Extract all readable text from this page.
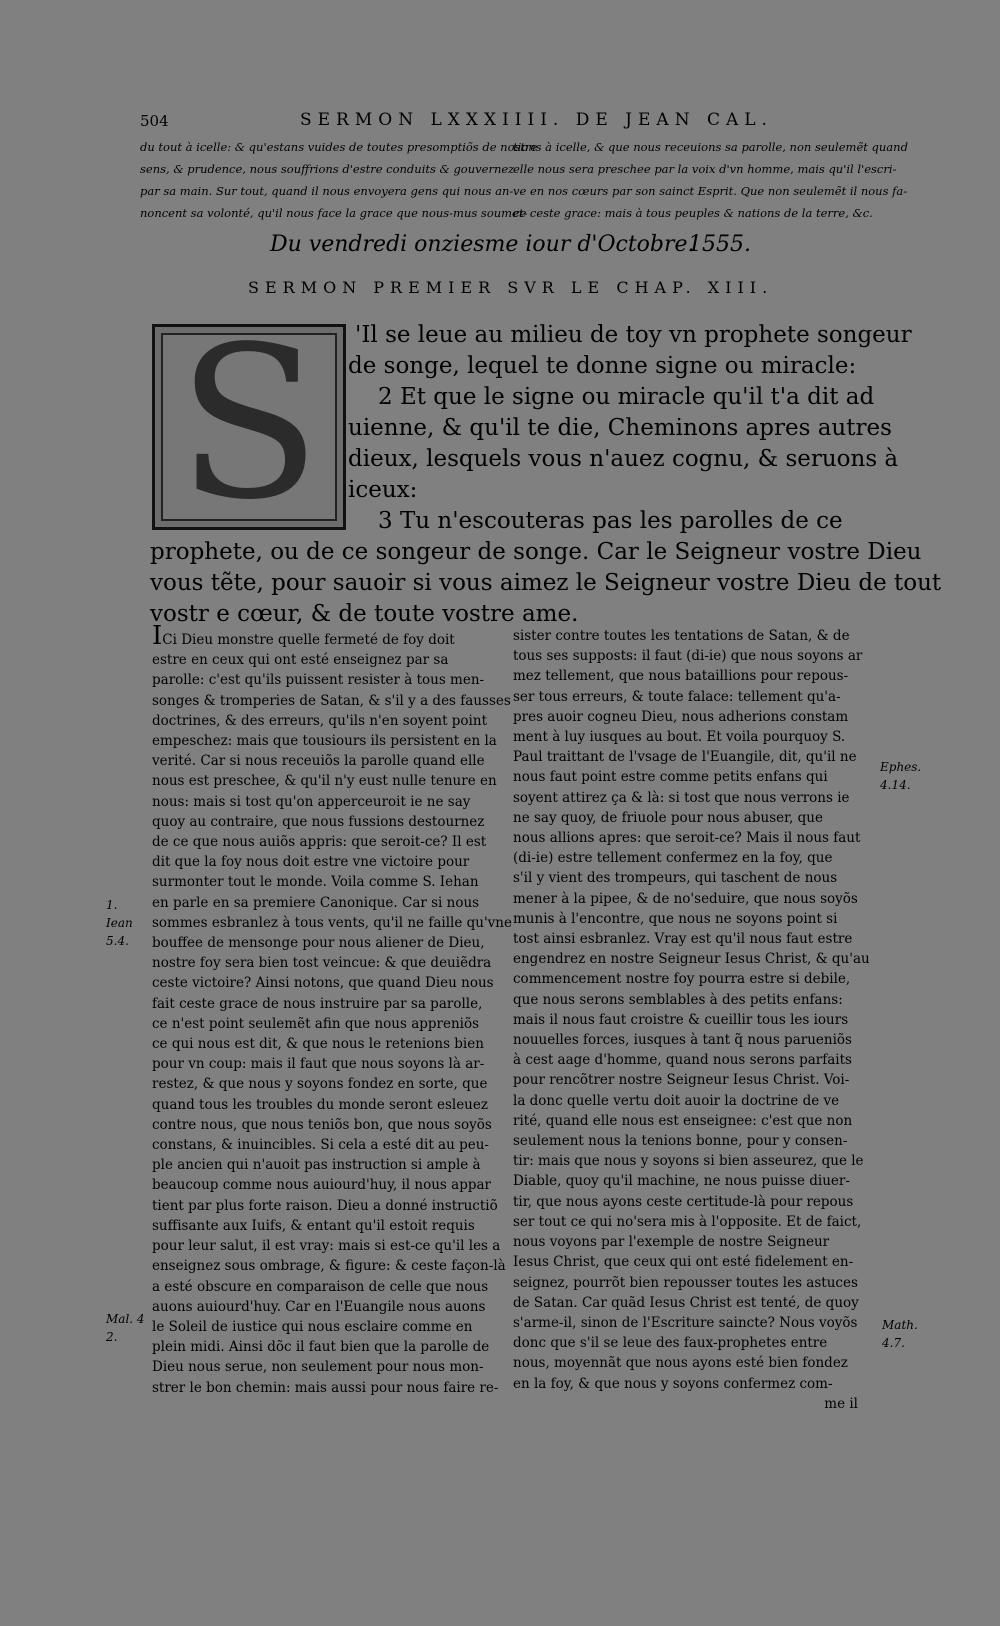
504	SERMON LXXXIIII. DE JEAN CAL.
du tout à icelle: & qu'estans vuides de toutes presomptiõs de nostre
sens, & prudence, nous souffrions d'estre conduits & gouvernez
par sa main. Sur tout, quand il nous envoyera gens qui nous an-
noncent sa volonté, qu'il nous face la grace que nous-mus soumet-
tions à icelle, & que nous receuions sa parolle, non seulemẽt quand
elle nous sera preschee par la voix d'vn homme, mais qu'il l'escri-
ve en nos cœurs par son sainct Esprit. Que non seulemẽt il nous fa-
ce ceste grace: mais à tous peuples & nations de la terre, &c.
Du vendredi onziesme iour d'Octobre.
1555.
SERMON PREMIER SVR LE CHAP. XIII.
S	'Il se leue au milieu de toy vn prophete songeur
de songe, lequel te donne signe ou miracle:
2 Et que le signe ou miracle qu'il t'a dit ad
uienne, & qu'il te die, Cheminons apres autres
dieux, lesquels vous n'auez cognu, & seruons à
iceux:
3 Tu n'escouteras pas les parolles de ce
prophete, ou de ce songeur de songe. Car le Seigneur vostre Dieu
vous tẽte, pour sauoir si vous aimez le Seigneur vostre Dieu de tout
vostr e cœur, & de toute vostre ame.
ICi Dieu monstre quelle fermeté de foy doit
estre en ceux qui ont esté enseignez par sa
parolle: c'est qu'ils puissent resister à tous men-
songes & tromperies de Satan, & s'il y a des fausses
doctrines, & des erreurs, qu'ils n'en soyent point
empeschez: mais que tousiours ils persistent en la
verité. Car si nous receuiõs la parolle quand elle
nous est preschee, & qu'il n'y eust nulle tenure en
nous: mais si tost qu'on apperceuroit ie ne say
quoy au contraire, que nous fussions destournez
de ce que nous auiõs appris: que seroit-ce? Il est
dit que la foy nous doit estre vne victoire pour
surmonter tout le monde. Voila comme S. Iehan
en parle en sa premiere Canonique. Car si nous
sommes esbranlez à tous vents, qu'il ne faille qu'vne
bouffee de mensonge pour nous aliener de Dieu,
nostre foy sera bien tost veincue: & que deuiẽdra
ceste victoire? Ainsi notons, que quand Dieu nous
fait ceste grace de nous instruire par sa parolle,
ce n'est point seulemẽt afin que nous appreniõs
ce qui nous est dit, & que nous le retenions bien
pour vn coup: mais il faut que nous soyons là ar-
restez, & que nous y soyons fondez en sorte, que
quand tous les troubles du monde seront esleuez
contre nous, que nous teniõs bon, que nous soyõs
constans, & inuincibles. Si cela a esté dit au peu-
ple ancien qui n'auoit pas instruction si ample à
beaucoup comme nous auiourd'huy, il nous appar
tient par plus forte raison. Dieu a donné instructiõ
suffisante aux Iuifs, & entant qu'il estoit requis
pour leur salut, il est vray: mais si est-ce qu'il les a
enseignez sous ombrage, & figure: & ceste façon-là
a esté obscure en comparaison de celle que nous
auons auiourd'huy. Car en l'Euangile nous auons
le Soleil de iustice qui nous esclaire comme en
plein midi. Ainsi dõc il faut bien que la parolle de
Dieu nous serue, non seulement pour nous mon-
strer le bon chemin: mais aussi pour nous faire re-
sister contre toutes les tentations de Satan, & de
tous ses supposts: il faut (di-ie) que nous soyons ar
mez tellement, que nous bataillions pour repous-
ser tous erreurs, & toute falace: tellement qu'a-
pres auoir cogneu Dieu, nous adherions constam
ment à luy iusques au bout. Et voila pourquoy S.
Paul traittant de l'vsage de l'Euangile, dit, qu'il ne
nous faut point estre comme petits enfans qui
soyent attirez ça & là: si tost que nous verrons ie
ne say quoy, de friuole pour nous abuser, que
nous allions apres: que seroit-ce? Mais il nous faut
(di-ie) estre tellement confermez en la foy, que
s'il y vient des trompeurs, qui taschent de nous
mener à la pipee, & de no'seduire, que nous soyõs
munis à l'encontre, que nous ne soyons point si
tost ainsi esbranlez. Vray est qu'il nous faut estre
engendrez en nostre Seigneur Iesus Christ, & qu'au
commencement nostre foy pourra estre si debile,
que nous serons semblables à des petits enfans:
mais il nous faut croistre & cueillir tous les iours
nouuelles forces, iusques à tant q̃ nous parueniõs
à cest aage d'homme, quand nous serons parfaits
pour rencõtrer nostre Seigneur Iesus Christ. Voi-
la donc quelle vertu doit auoir la doctrine de ve
rité, quand elle nous est enseignee: c'est que non
seulement nous la tenions bonne, pour y consen-
tir: mais que nous y soyons si bien asseurez, que le
Diable, quoy qu'il machine, ne nous puisse diuer-
tir, que nous ayons ceste certitude-là pour repous
ser tout ce qui no'sera mis à l'opposite. Et de faict,
nous voyons par l'exemple de nostre Seigneur
Iesus Christ, que ceux qui ont esté fidelement en-
seignez, pourrõt bien repousser toutes les astuces
de Satan. Car quãd Iesus Christ est tenté, de quoy
s'arme-il, sinon de l'Escriture saincte? Nous voyõs
donc que s'il se leue des faux-prophetes entre
nous, moyennãt que nous ayons esté bien fondez
en la foy, & que nous y soyons confermez com-
me il
Ephes. 4.14.
1. Iean 5.4.
Mal. 4 2.
Math. 4.7.
